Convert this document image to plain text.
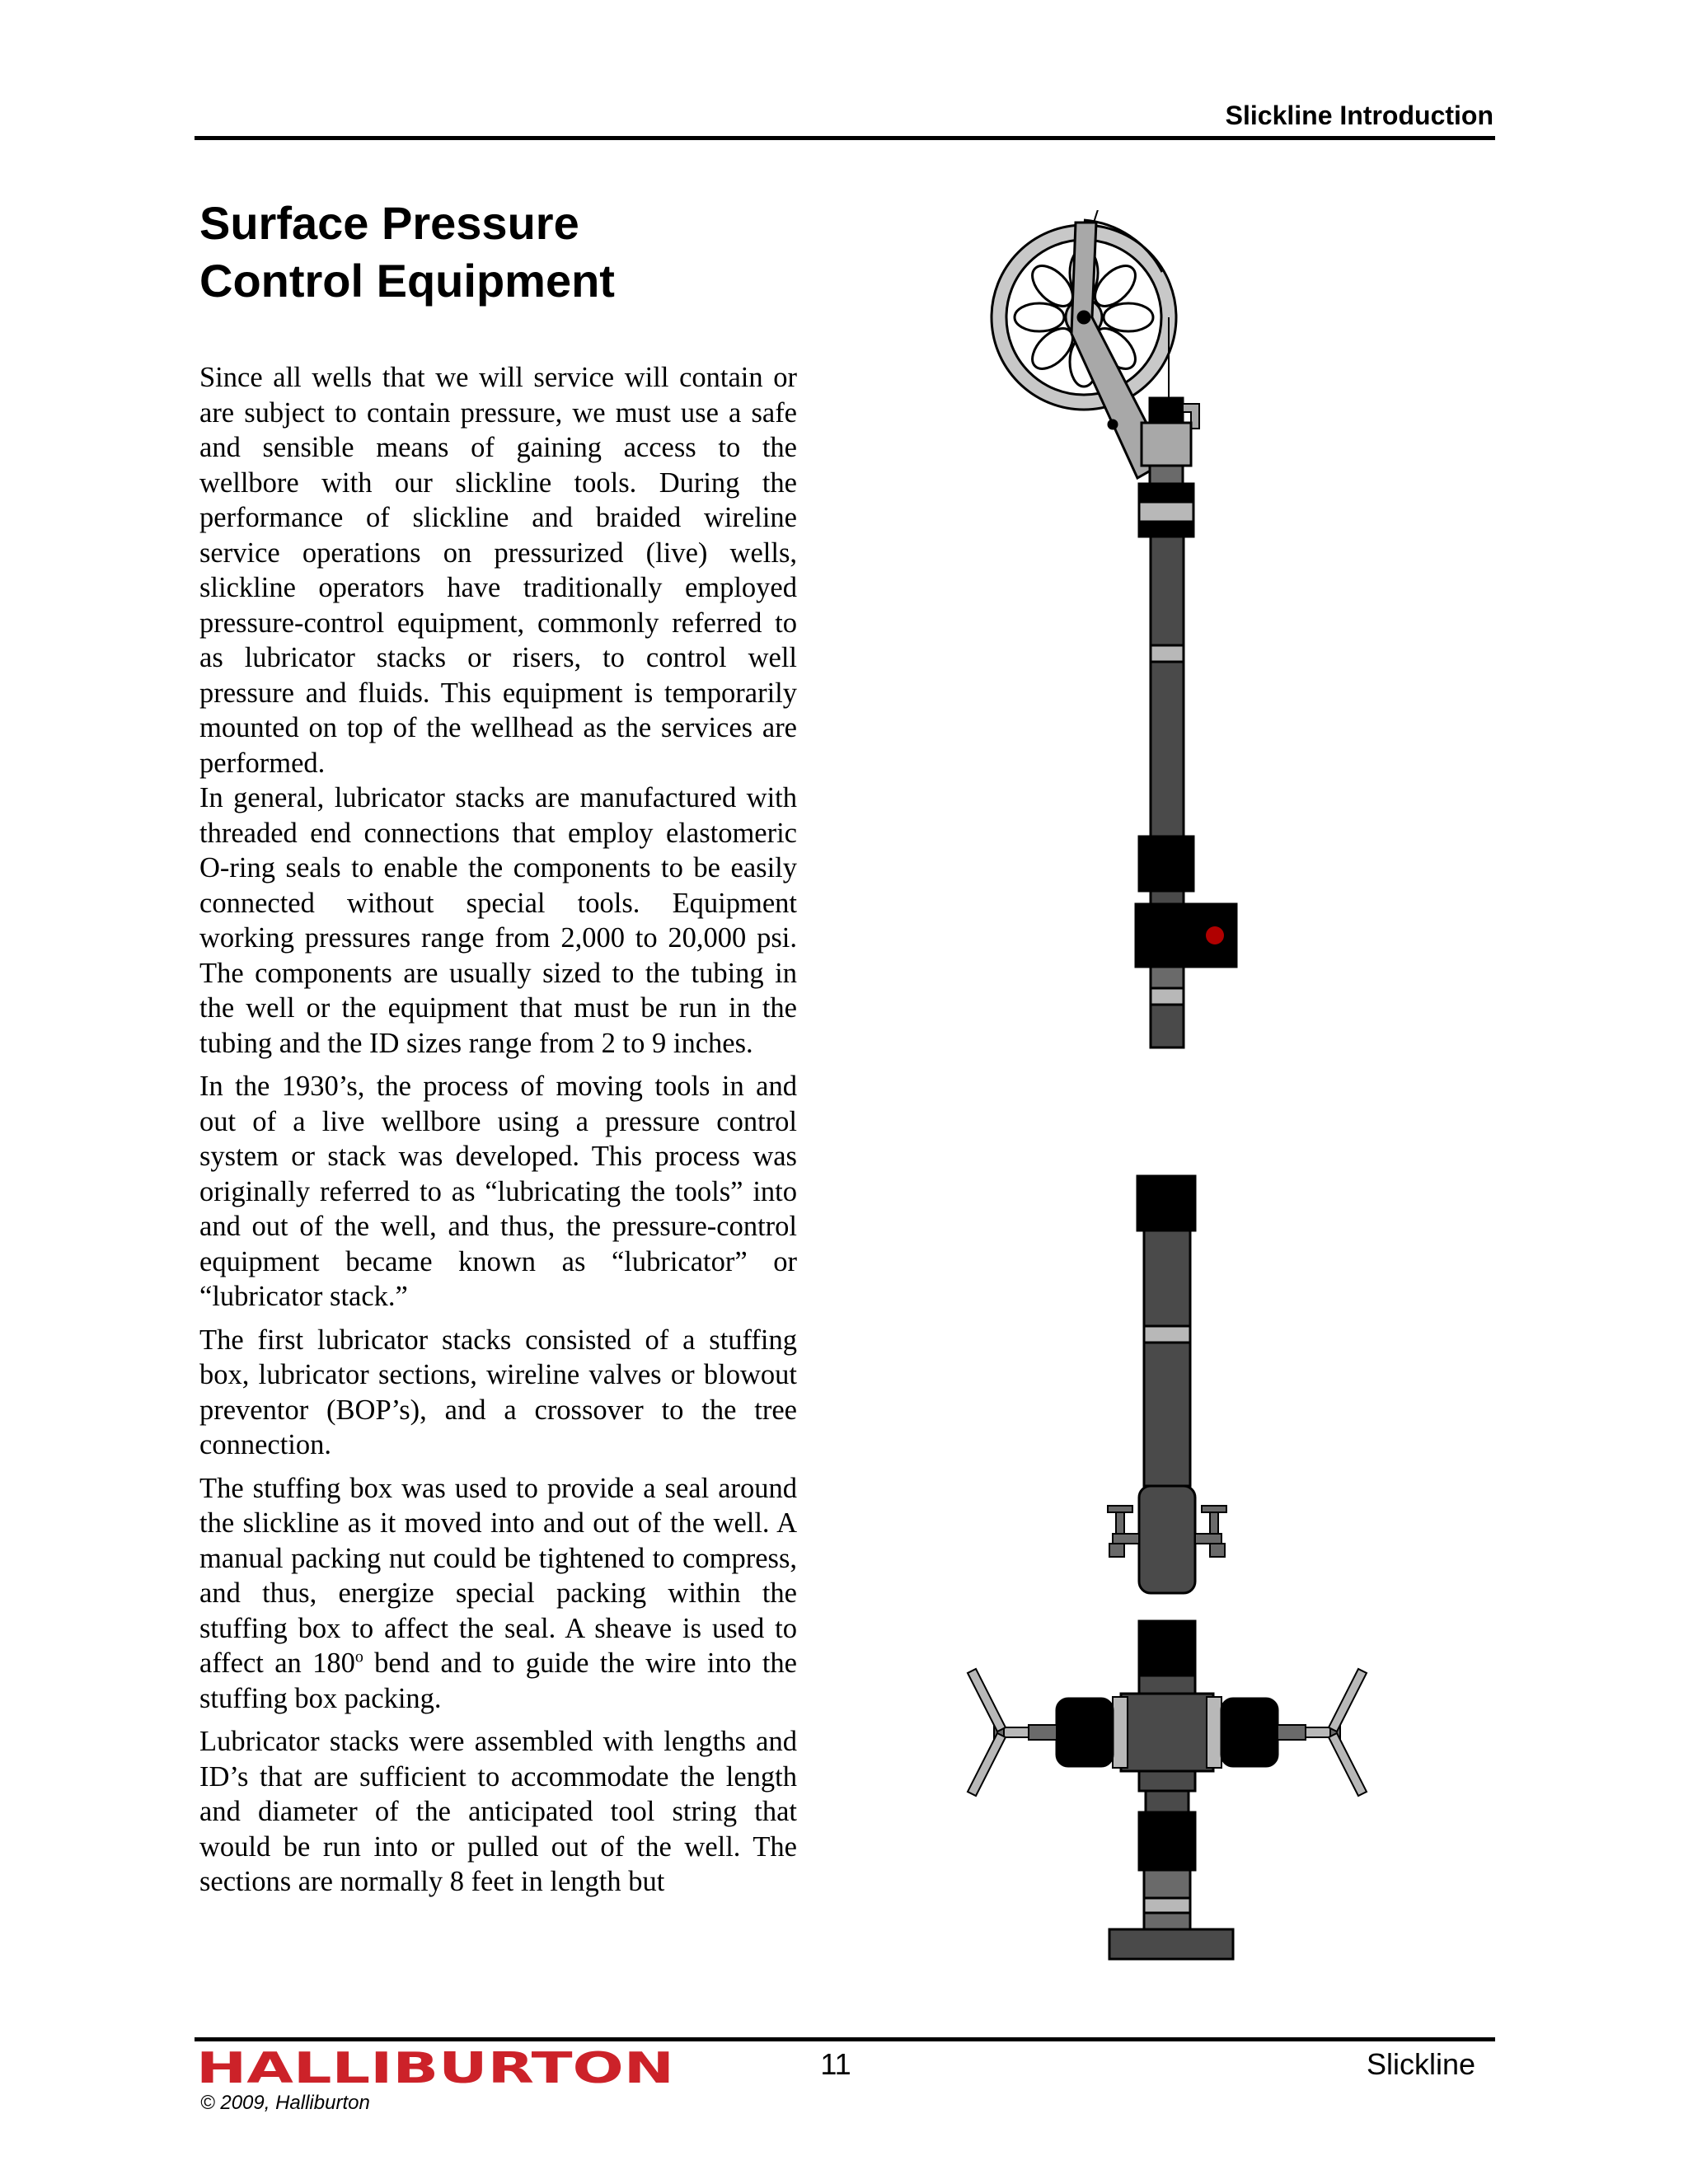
Slickline Introduction
Surface Pressure
Control Equipment

Since all wells that we will service will contain or are subject to contain pressure, we must use a safe and sensible means of gaining access to the wellbore with our slickline tools. During the performance of slickline and braided wireline service operations on pressurized (live) wells, slickline operators have traditionally employed pressure-control equipment, commonly referred to as lubricator stacks or risers, to control well pressure and fluids. This equipment is temporarily mounted on top of the wellhead as the services are performed.

In general, lubricator stacks are manufactured with threaded end connections that employ elastomeric O-ring seals to enable the components to be easily connected without special tools. Equipment working pressures range from 2,000 to 20,000 psi. The components are usually sized to the tubing in the well or the equipment that must be run in the tubing and the ID sizes range from 2 to 9 inches.

In the 1930’s, the process of moving tools in and out of a live wellbore using a pressure control system or stack was developed. This process was originally referred to as “lubricating the tools” into and out of the well, and thus, the pressure-control equipment became known as “lubricator” or “lubricator stack.”

The first lubricator stacks consisted of a stuffing box, lubricator sections, wireline valves or blowout preventor (BOP’s), and a crossover to the tree connection.

The stuffing box was used to provide a seal around the slickline as it moved into and out of the well. A manual packing nut could be tightened to compress, and thus, energize special packing within the stuffing box to affect the seal. A sheave is used to affect an 180$^o$ bend and to guide the wire into the stuffing box packing.

Lubricator stacks were assembled with lengths and ID’s that are sufficient to accommodate the length and diameter of the anticipated tool string that would be run into or pulled out of the well. The sections are normally 8 feet in length but

HALLIBURTON	11	Slickline
© 2009, Halliburton
